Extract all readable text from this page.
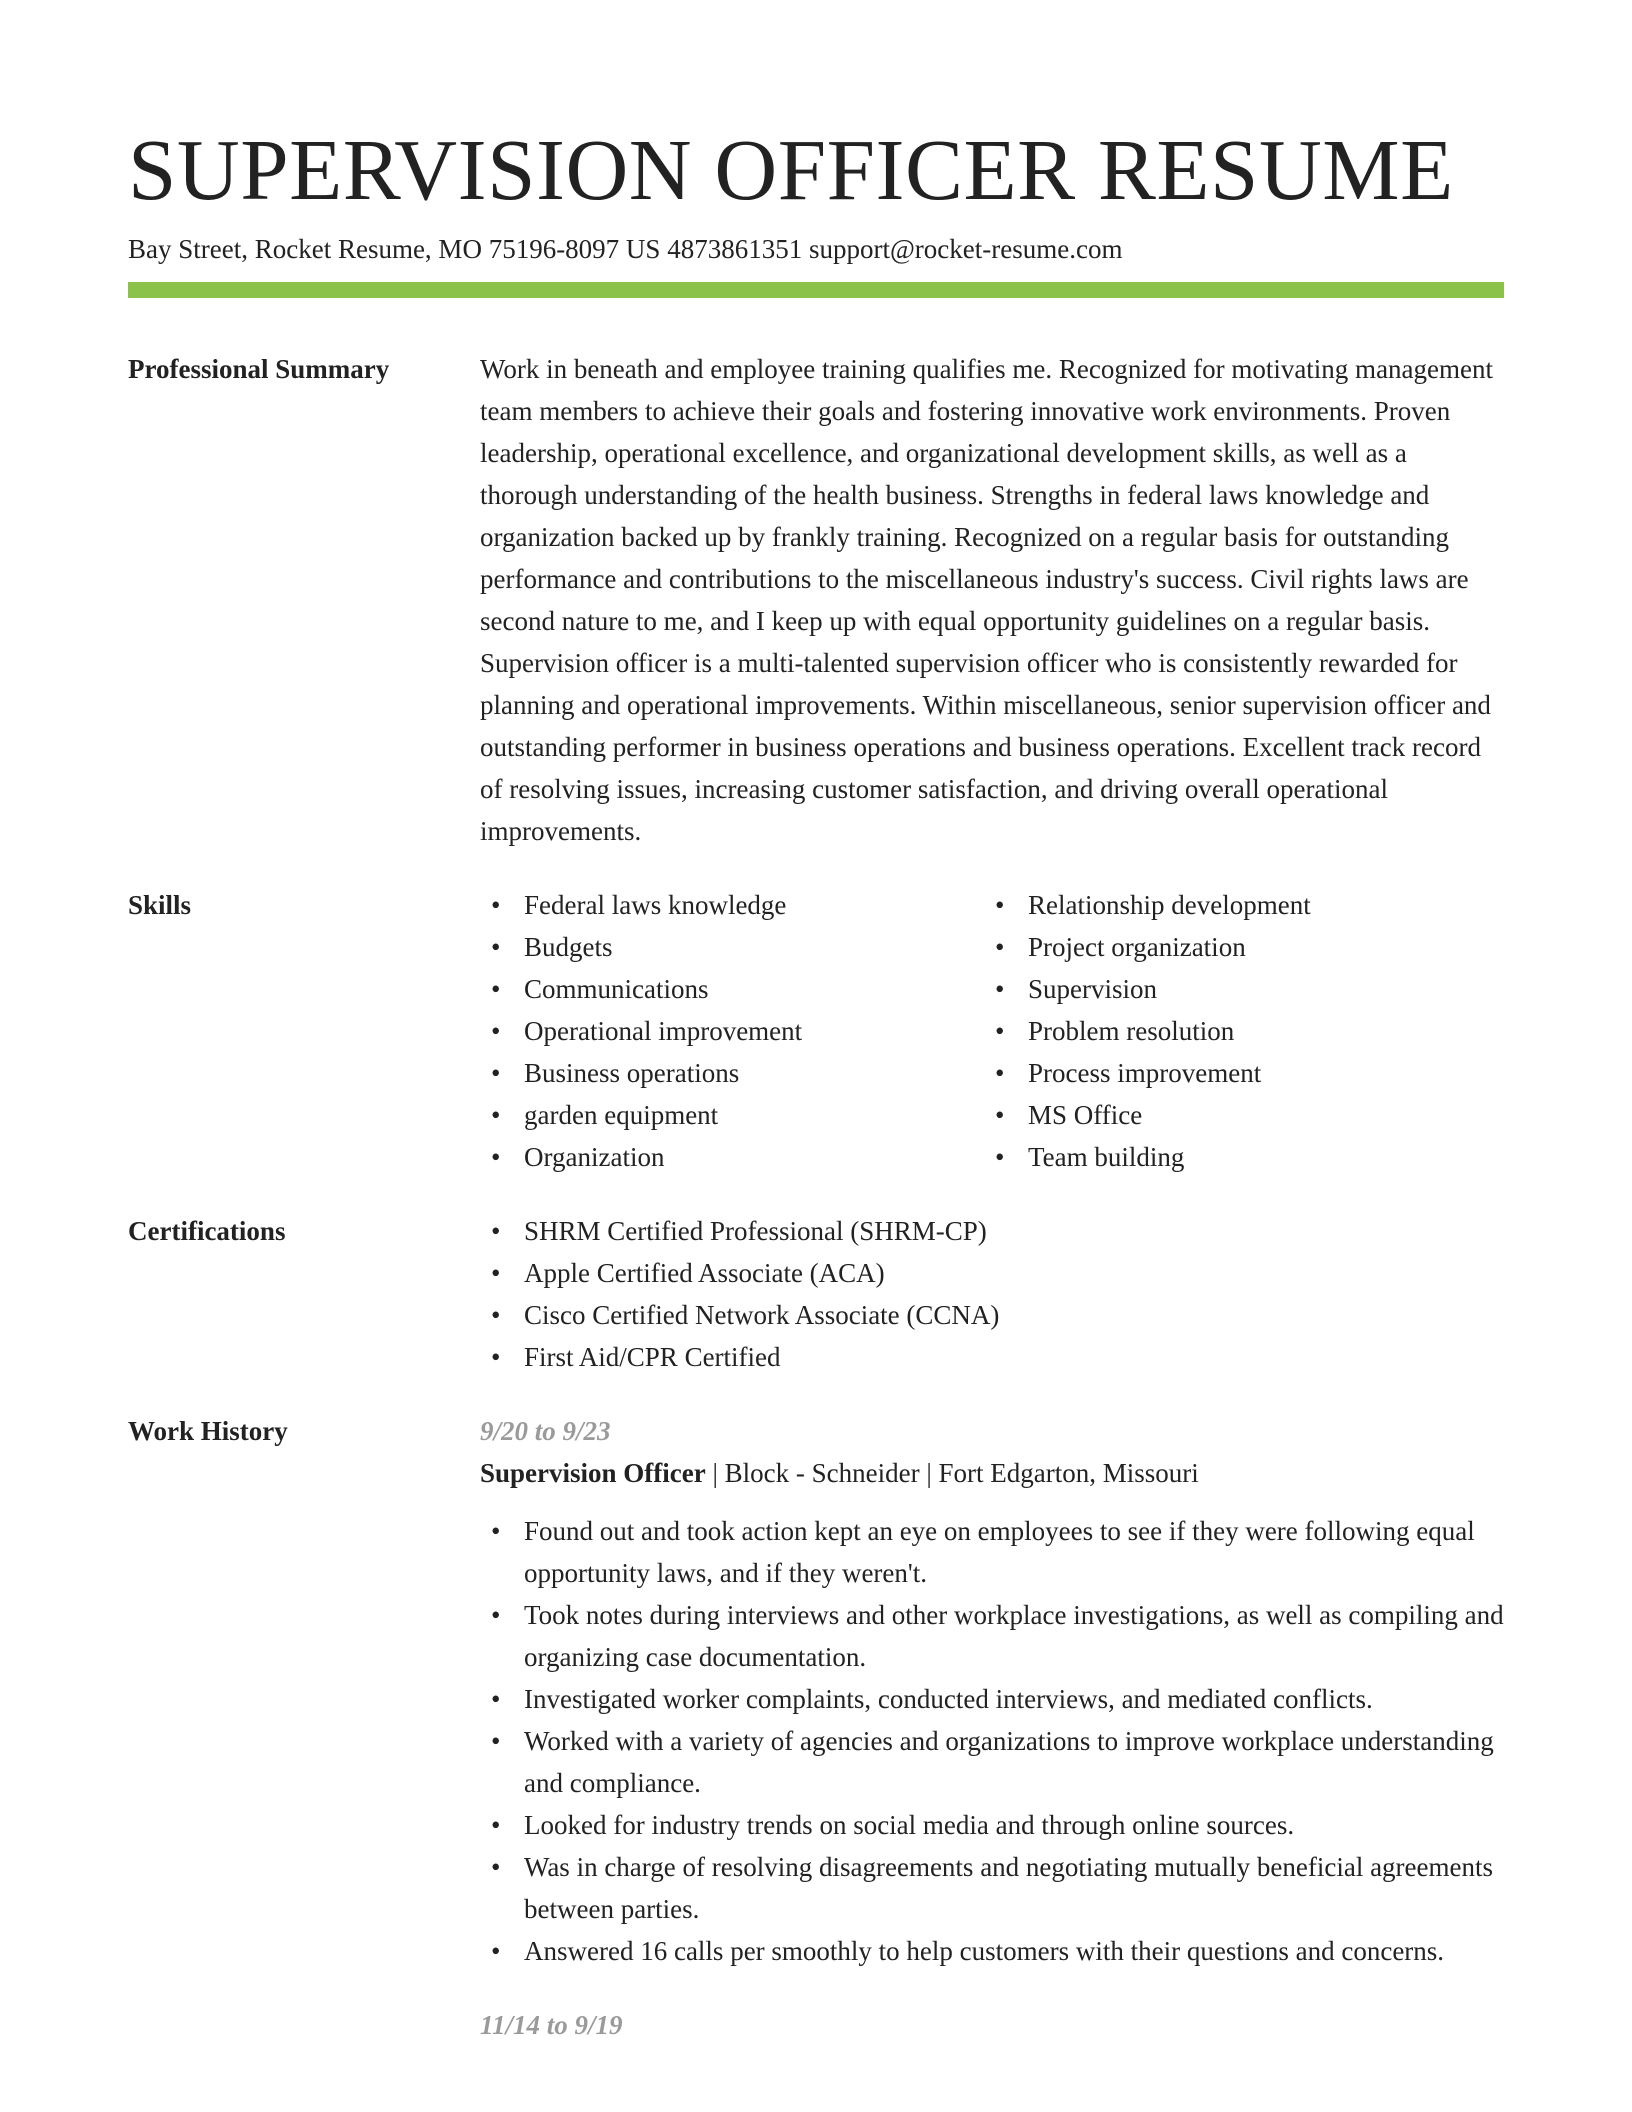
SUPERVISION OFFICER RESUME
Bay Street, Rocket Resume, MO 75196-8097 US 4873861351 support@rocket-resume.com
Professional Summary	Work in beneath and employee training qualifies me. Recognized for motivating management team members to achieve their goals and fostering innovative work environments. Proven leadership, operational excellence, and organizational development skills, as well as a thorough understanding of the health business. Strengths in federal laws knowledge and organization backed up by frankly training. Recognized on a regular basis for outstanding performance and contributions to the miscellaneous industry's success. Civil rights laws are second nature to me, and I keep up with equal opportunity guidelines on a regular basis. Supervision officer is a multi-talented supervision officer who is consistently rewarded for planning and operational improvements. Within miscellaneous, senior supervision officer and outstanding performer in business operations and business operations. Excellent track record of resolving issues, increasing customer satisfaction, and driving overall operational improvements.

Skills	• Federal laws knowledge
• Budgets
• Communications
• Operational improvement
• Business operations
• garden equipment
• Organization
• Relationship development
• Project organization
• Supervision
• Problem resolution
• Process improvement
• MS Office
• Team building
Certifications	• SHRM Certified Professional (SHRM-CP)
• Apple Certified Associate (ACA)
• Cisco Certified Network Associate (CCNA)
• First Aid/CPR Certified
Work History	9/20 to 9/23
Supervision Officer | Block - Schneider | Fort Edgarton, Missouri
• Found out and took action kept an eye on employees to see if they were following equal opportunity laws, and if they weren't.
• Took notes during interviews and other workplace investigations, as well as compiling and organizing case documentation.
• Investigated worker complaints, conducted interviews, and mediated conflicts.
• Worked with a variety of agencies and organizations to improve workplace understanding and compliance.
• Looked for industry trends on social media and through online sources.
• Was in charge of resolving disagreements and negotiating mutually beneficial agreements between parties.
• Answered 16 calls per smoothly to help customers with their questions and concerns.
11/14 to 9/19
